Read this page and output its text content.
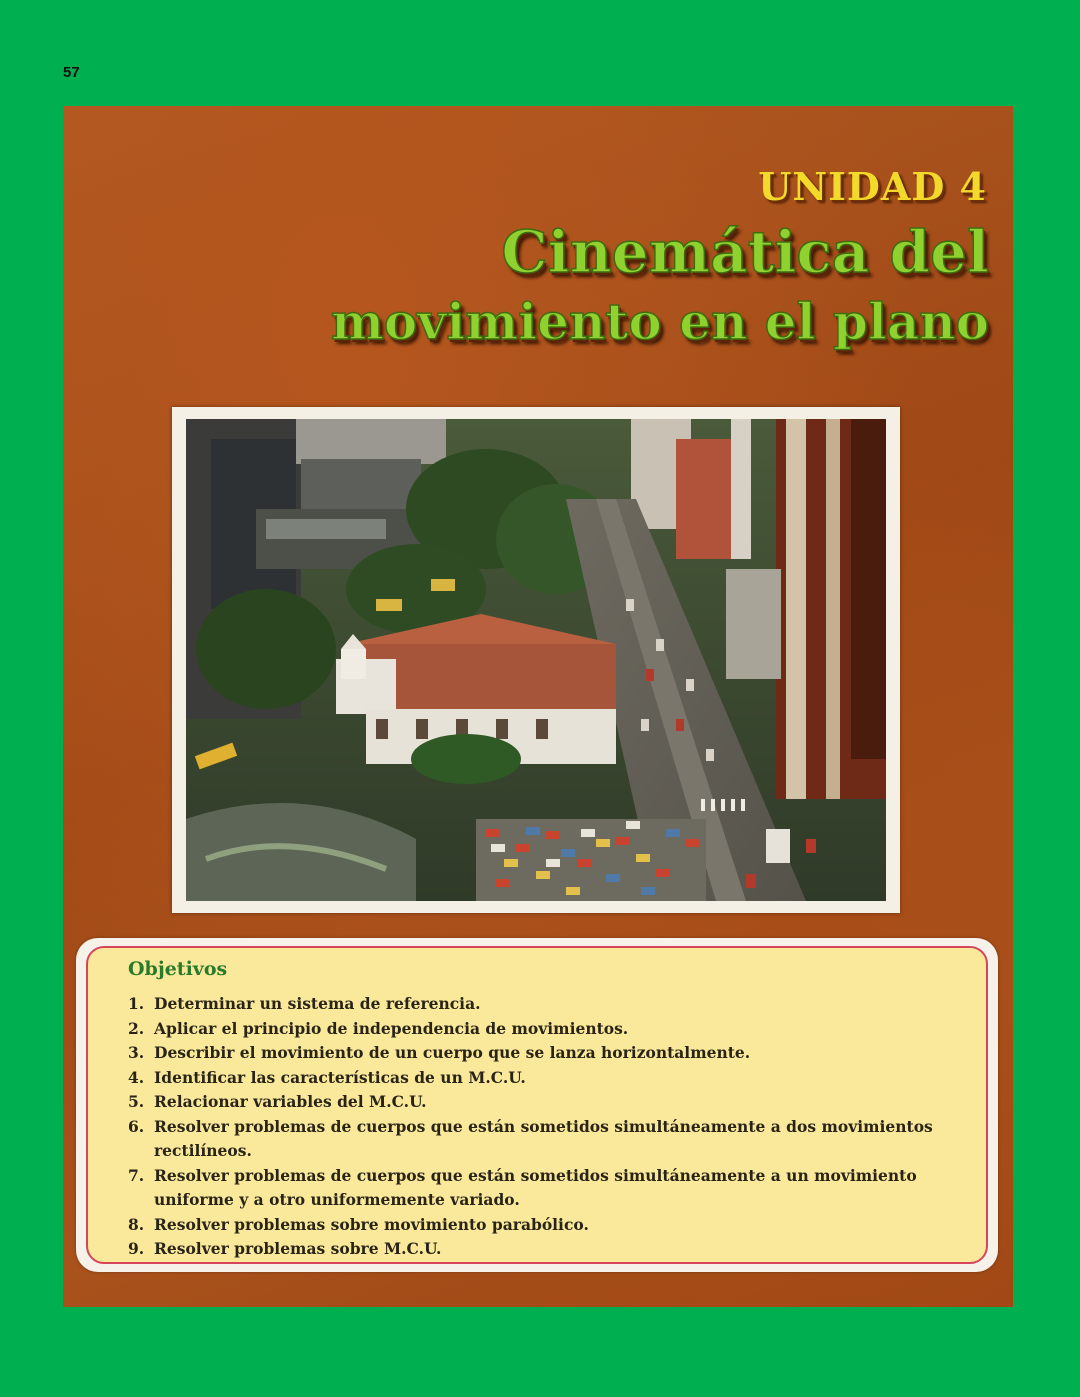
57
UNIDAD 4
Cinemática del
movimiento en el plano
Objetivos
1. Determinar un sistema de referencia.
2. Aplicar el principio de independencia de movimientos.
3. Describir el movimiento de un cuerpo que se lanza horizontalmente.
4. Identificar las características de un M.C.U.
5. Relacionar variables del M.C.U.
6. Resolver problemas de cuerpos que están sometidos simultáneamente a dos movimientos rectilíneos.
7. Resolver problemas de cuerpos que están sometidos simultáneamente a un movimiento uniforme y a otro uniformemente variado.
8. Resolver problemas sobre movimiento parabólico.
9. Resolver problemas sobre M.C.U.
